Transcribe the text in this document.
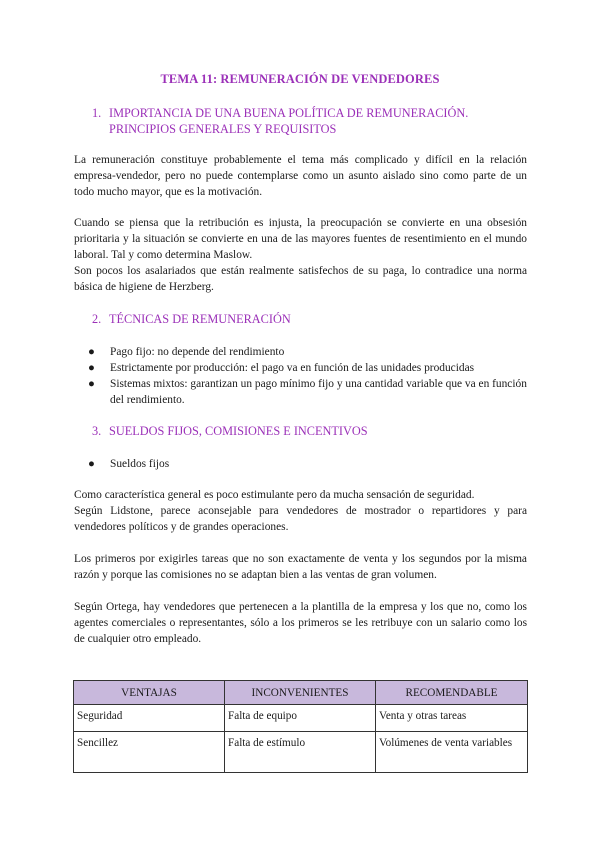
TEMA 11: REMUNERACIÓN DE VENDEDORES
1. IMPORTANCIA DE UNA BUENA POLÍTICA DE REMUNERACIÓN.
PRINCIPIOS GENERALES Y REQUISITOS

La remuneración constituye probablemente el tema más complicado y difícil en la relación empresa-vendedor, pero no puede contemplarse como un asunto aislado sino como parte de un todo mucho mayor, que es la motivación.

Cuando se piensa que la retribución es injusta, la preocupación se convierte en una obsesión prioritaria y la situación se convierte en una de las mayores fuentes de resentimiento en el mundo laboral. Tal y como determina Maslow.

Son pocos los asalariados que están realmente satisfechos de su paga, lo contradice una norma básica de higiene de Herzberg.

2. TÉCNICAS DE REMUNERACIÓN
● Pago fijo: no depende del rendimiento
● Estrictamente por producción: el pago va en función de las unidades producidas
● Sistemas mixtos: garantizan un pago mínimo fijo y una cantidad variable que va en función del rendimiento.
3. SUELDOS FIJOS, COMISIONES E INCENTIVOS
● Sueldos fijos

Como característica general es poco estimulante pero da mucha sensación de seguridad.

Según Lidstone, parece aconsejable para vendedores de mostrador o repartidores y para vendedores políticos y de grandes operaciones.

Los primeros por exigirles tareas que no son exactamente de venta y los segundos por la misma razón y porque las comisiones no se adaptan bien a las ventas de gran volumen.

Según Ortega, hay vendedores que pertenecen a la plantilla de la empresa y los que no, como los agentes comerciales o representantes, sólo a los primeros se les retribuye con un salario como los de cualquier otro empleado.

VENTAJAS	INCONVENIENTES	RECOMENDABLE
Seguridad	Falta de equipo	Venta y otras tareas
Sencillez	Falta de estímulo	Volúmenes de venta variables
